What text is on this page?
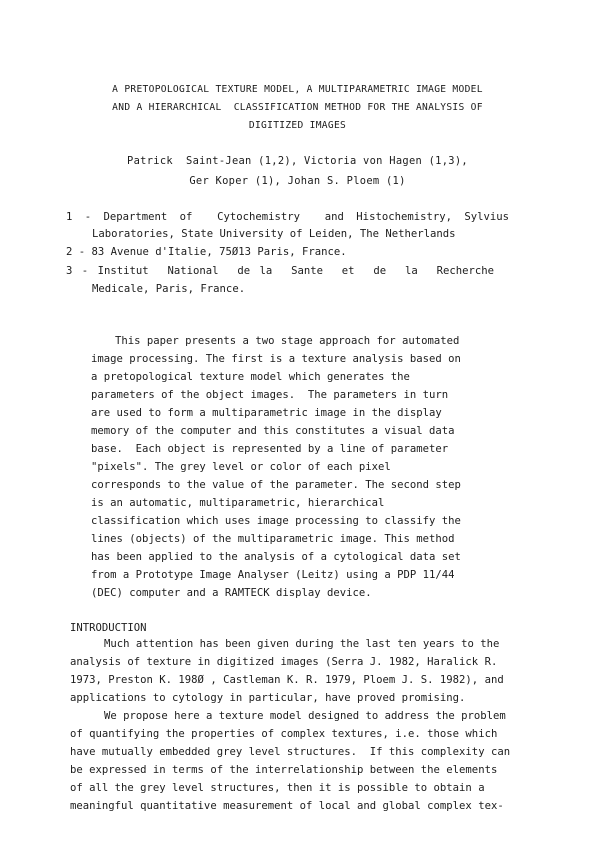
A PRETOPOLOGICAL TEXTURE MODEL, A MULTIPARAMETRIC IMAGE MODEL
AND A HIERARCHICAL  CLASSIFICATION METHOD FOR THE ANALYSIS OF
DIGITIZED IMAGES
Patrick  Saint-Jean (1,2), Victoria von Hagen (1,3),
Ger Koper (1), Johan S. Ploem (1)
1 - Department of  Cytochemistry  and Histochemistry, Sylvius
Laboratories, State University of Leiden, The Netherlands
2 - 83 Avenue d'Italie, 75Ø13 Paris, France.
3 - Institut  National  de la  Sante  et  de  la  Recherche
Medicale, Paris, France.
This paper presents a two stage approach for automated
image processing. The first is a texture analysis based on
a pretopological texture model which generates the
parameters of the object images.  The parameters in turn
are used to form a multiparametric image in the display
memory of the computer and this constitutes a visual data
base.  Each object is represented by a line of parameter
"pixels". The grey level or color of each pixel
corresponds to the value of the parameter. The second step
is an automatic, multiparametric, hierarchical
classification which uses image processing to classify the
lines (objects) of the multiparametric image. This method
has been applied to the analysis of a cytological data set
from a Prototype Image Analyser (Leitz) using a PDP 11/44
(DEC) computer and a RAMTECK display device.
INTRODUCTION
Much attention has been given during the last ten years to the
analysis of texture in digitized images (Serra J. 1982, Haralick R.
1973, Preston K. 198Ø , Castleman K. R. 1979, Ploem J. S. 1982), and
applications to cytology in particular, have proved promising.
We propose here a texture model designed to address the problem
of quantifying the properties of complex textures, i.e. those which
have mutually embedded grey level structures.  If this complexity can
be expressed in terms of the interrelationship between the elements
of all the grey level structures, then it is possible to obtain a
meaningful quantitative measurement of local and global complex tex-
